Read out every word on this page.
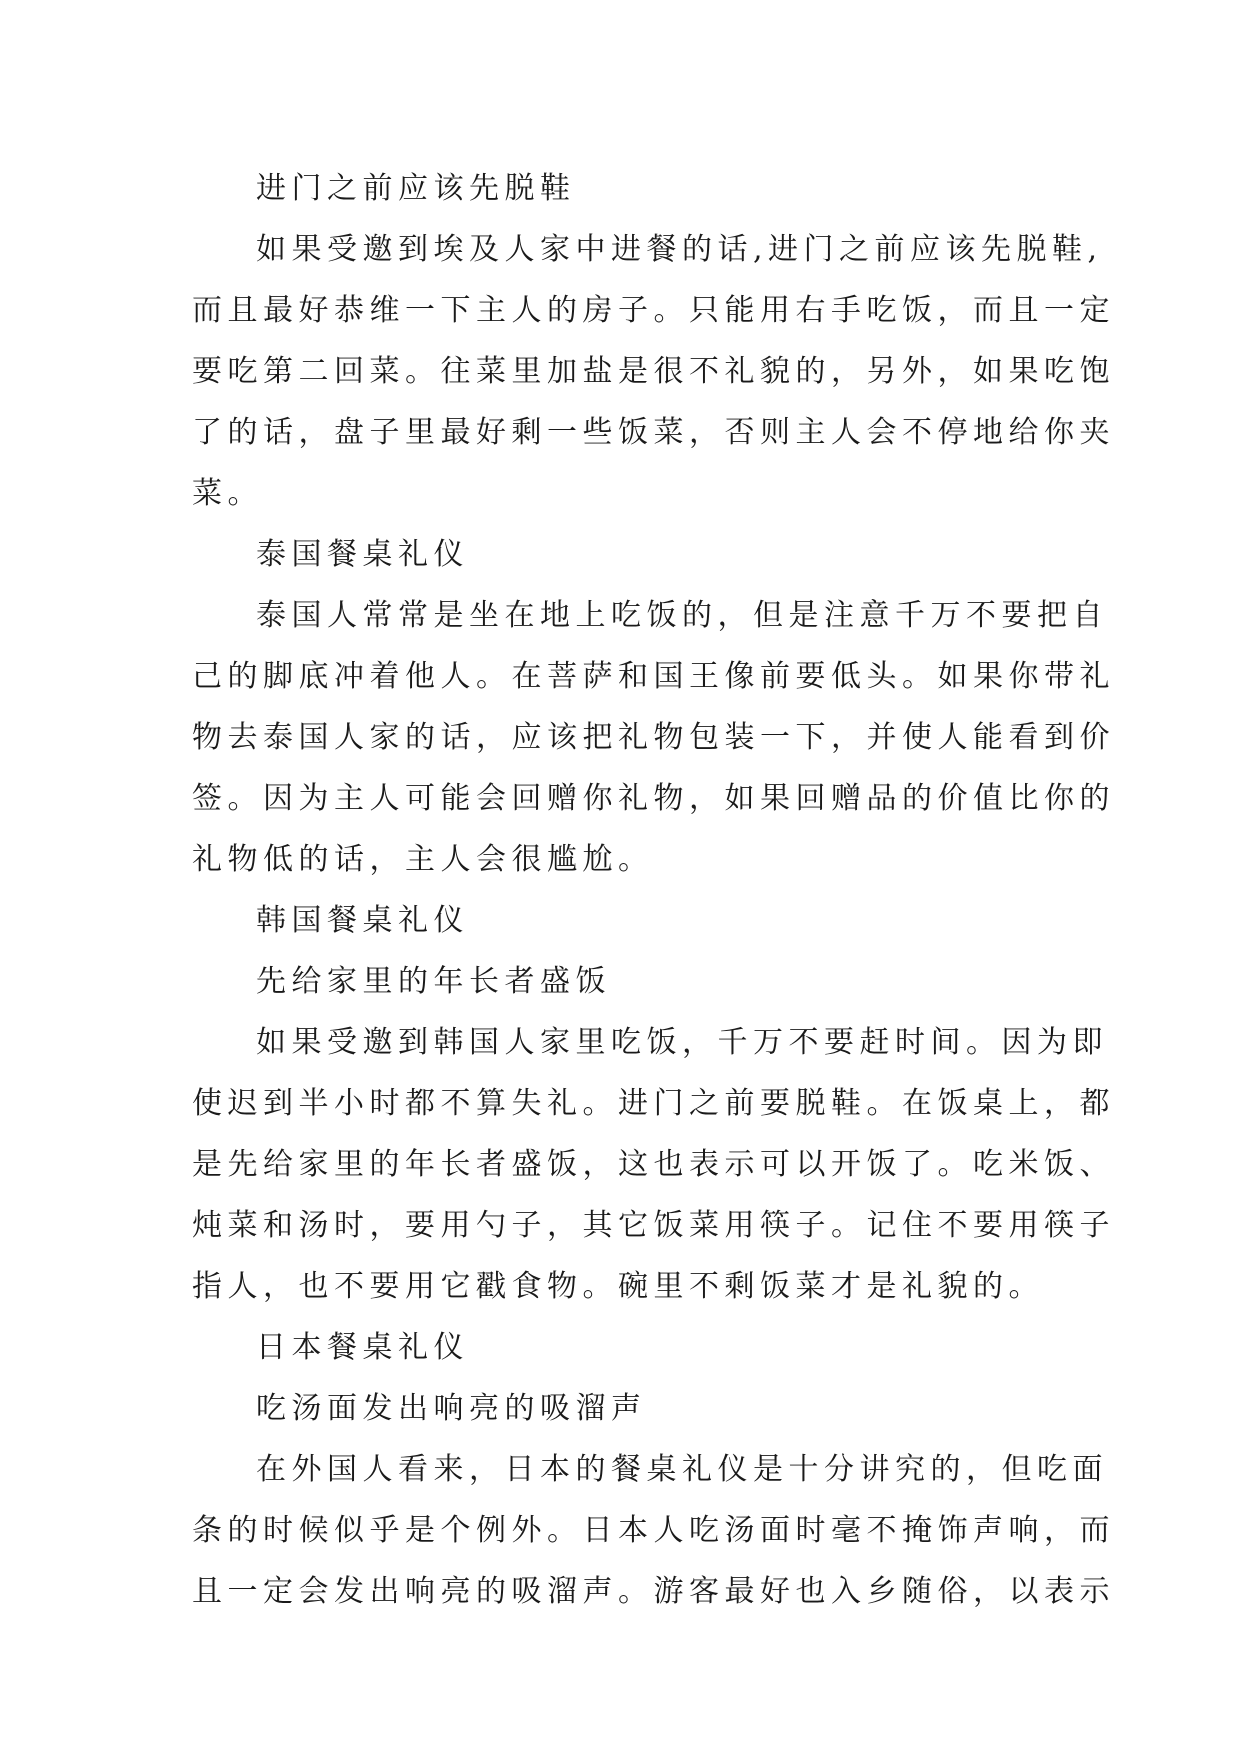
进门之前应该先脱鞋

如果受邀到埃及人家中进餐的话,进门之前应该先脱鞋,

而且最好恭维一下主人的房子。只能用右手吃饭，而且一定

要吃第二回菜。往菜里加盐是很不礼貌的，另外，如果吃饱

了的话，盘子里最好剩一些饭菜，否则主人会不停地给你夹

菜。

泰国餐桌礼仪

泰国人常常是坐在地上吃饭的，但是注意千万不要把自

己的脚底冲着他人。在菩萨和国王像前要低头。如果你带礼

物去泰国人家的话，应该把礼物包装一下，并使人能看到价

签。因为主人可能会回赠你礼物，如果回赠品的价值比你的

礼物低的话，主人会很尴尬。

韩国餐桌礼仪

先给家里的年长者盛饭

如果受邀到韩国人家里吃饭，千万不要赶时间。因为即

使迟到半小时都不算失礼。进门之前要脱鞋。在饭桌上，都

是先给家里的年长者盛饭，这也表示可以开饭了。吃米饭、

炖菜和汤时，要用勺子，其它饭菜用筷子。记住不要用筷子

指人，也不要用它戳食物。碗里不剩饭菜才是礼貌的。

日本餐桌礼仪

吃汤面发出响亮的吸溜声

在外国人看来，日本的餐桌礼仪是十分讲究的，但吃面

条的时候似乎是个例外。日本人吃汤面时毫不掩饰声响，而

且一定会发出响亮的吸溜声。游客最好也入乡随俗，以表示
